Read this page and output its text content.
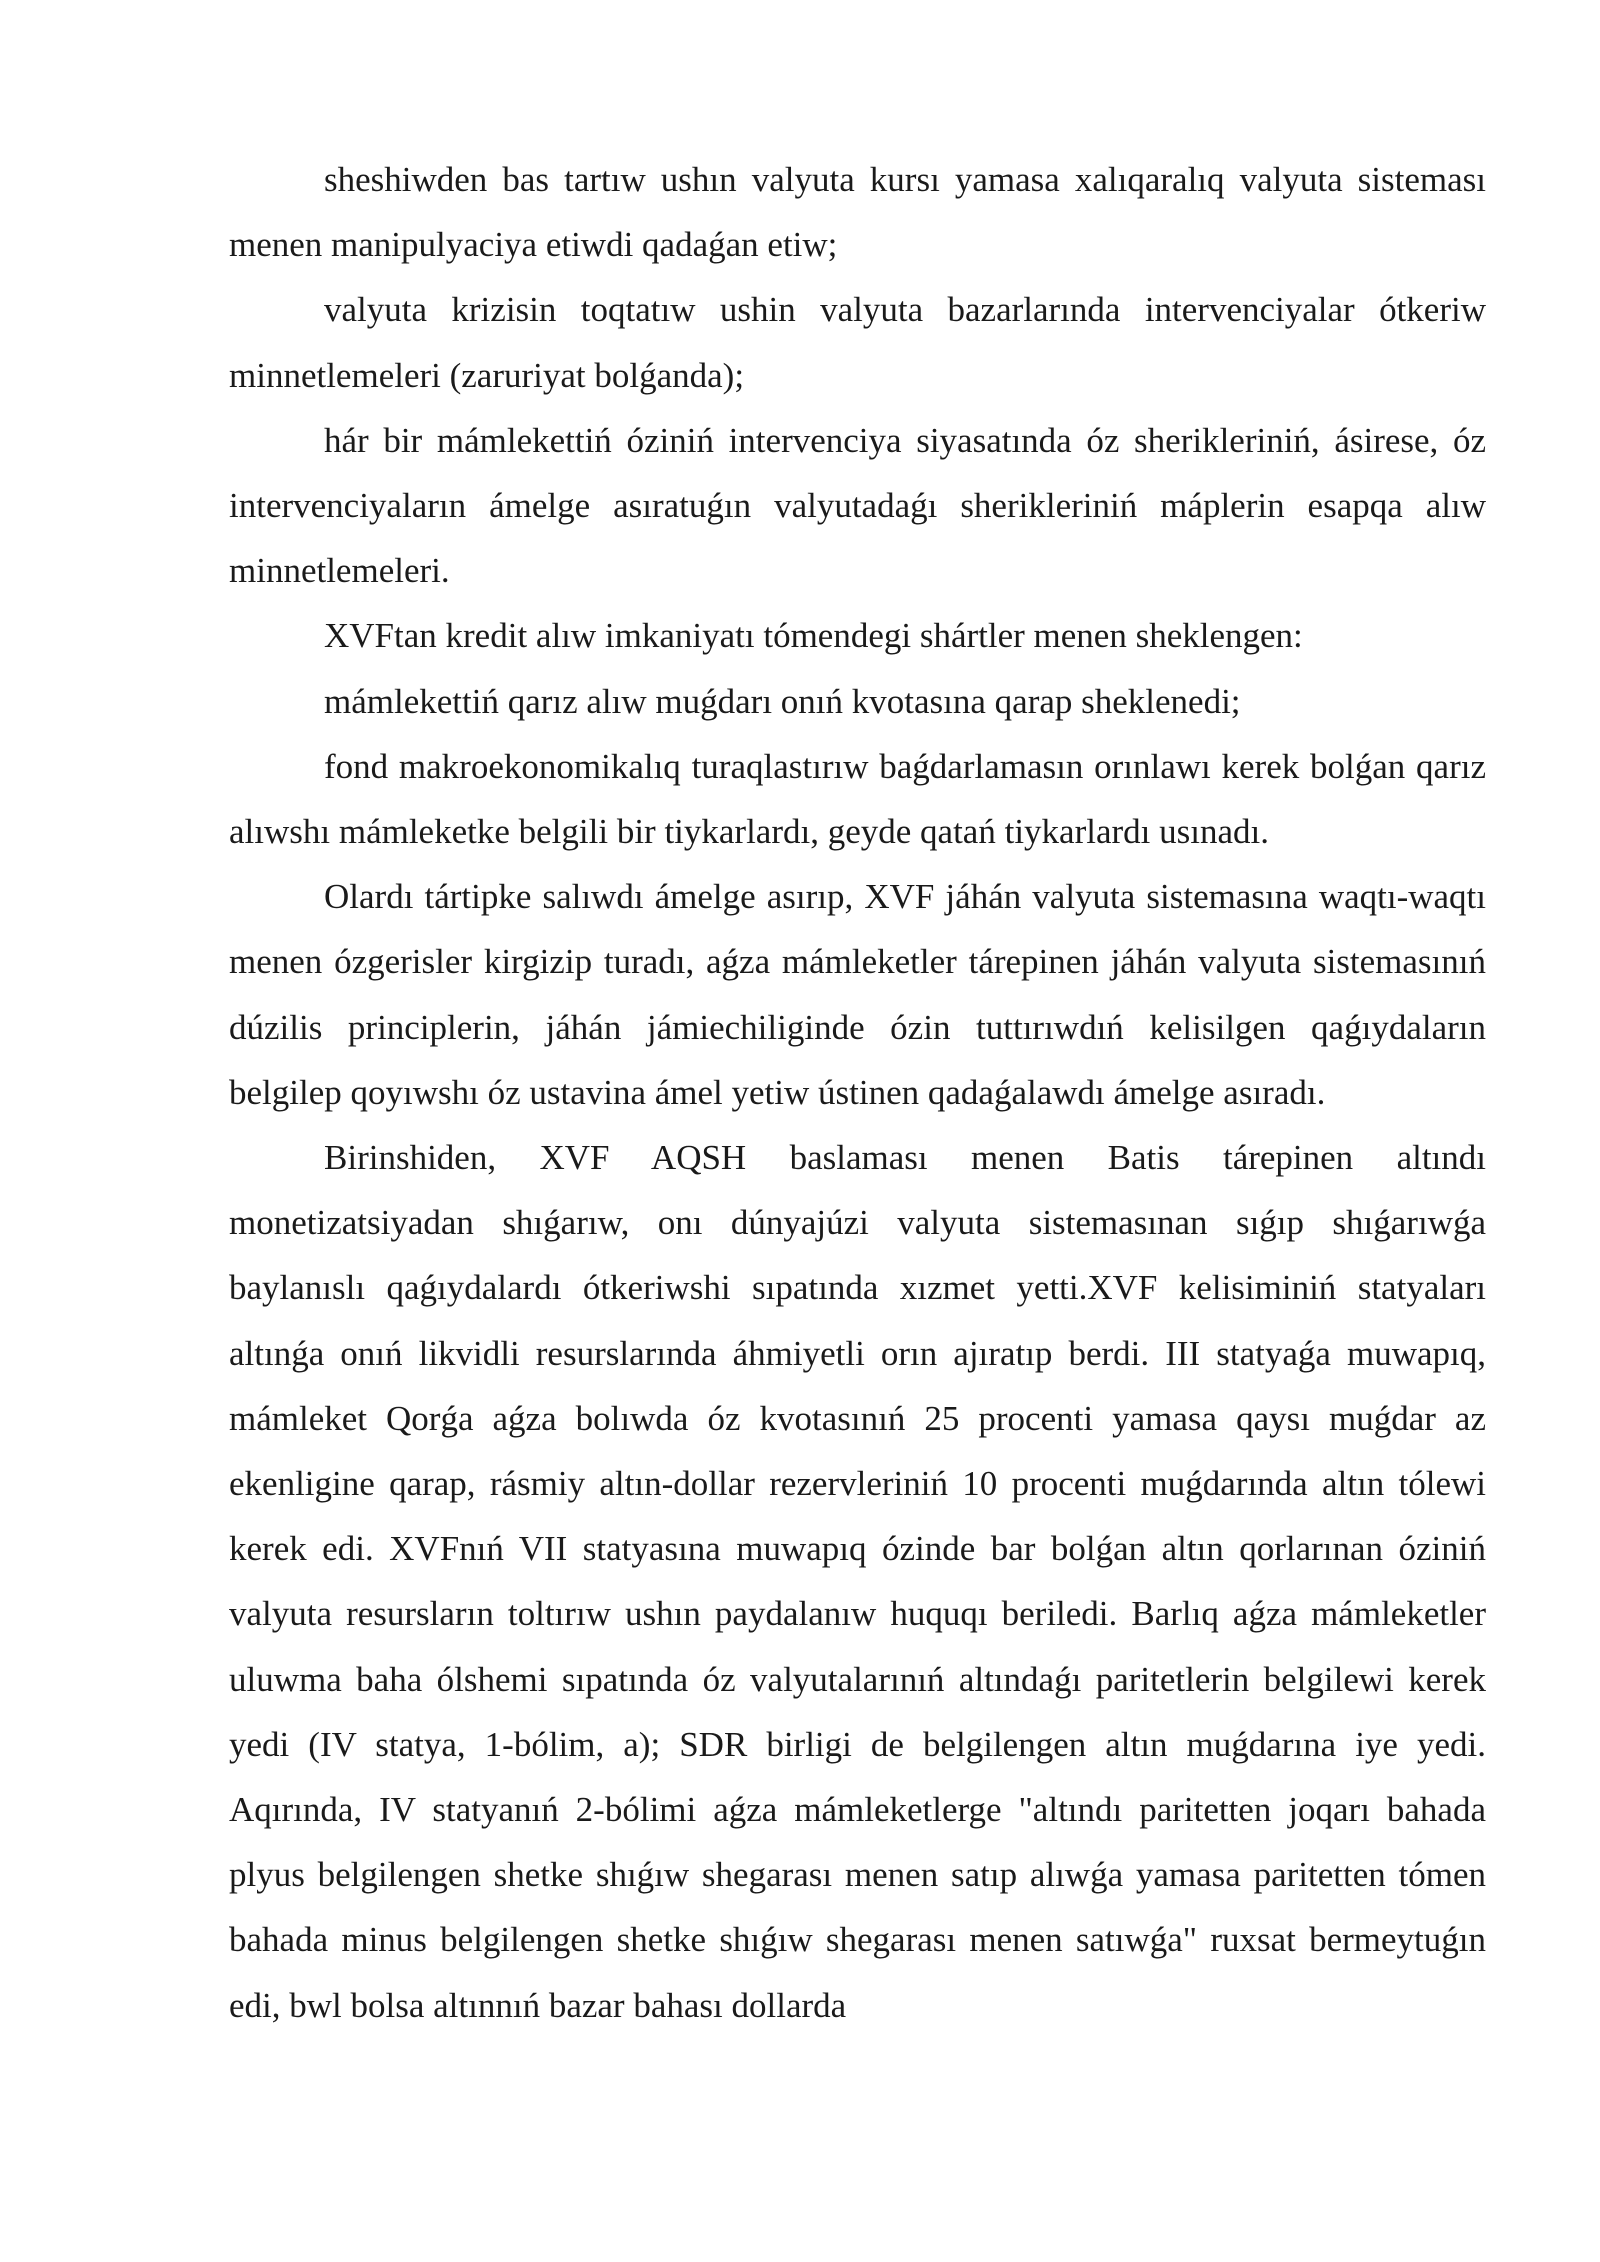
sheshiwden bas tartıw ushın valyuta kursı yamasa xalıqaralıq valyuta sisteması menen manipulyaciya etiwdi qadaǵan etiw;

valyuta krizisin toqtatıw ushin valyuta bazarlarında intervenciyalar ótkeriw minnetlemeleri (zaruriyat bolǵanda);

hár bir mámlekettiń óziniń intervenciya siyasatında óz sherikleriniń, ásirese, óz intervenciyaların ámelge asıratuǵın valyutadaǵı sherikleriniń máplerin esapqa alıw minnetlemeleri.

XVFtan kredit alıw imkaniyatı tómendegi shártler menen sheklengen:

mámlekettiń qarız alıw muǵdarı onıń kvotasına qarap sheklenedi;

fond makroekonomikalıq turaqlastırıw baǵdarlamasın orınlawı kerek bolǵan qarız alıwshı mámleketke belgili bir tiykarlardı, geyde qatań tiykarlardı usınadı.

Olardı tártipke salıwdı ámelge asırıp, XVF jáhán valyuta sistemasına waqtı-waqtı menen ózgerisler kirgizip turadı, aǵza mámleketler tárepinen jáhán valyuta sistemasınıń dúzilis principlerin, jáhán jámiechiliginde ózin tuttırıwdıń kelisilgen qaǵıydaların belgilep qoyıwshı óz ustavina ámel yetiw ústinen qadaǵalawdı ámelge asıradı.

Birinshiden, XVF AQSH baslaması menen Batis tárepinen altındı monetizatsiyadan shıǵarıw, onı dúnyajúzi valyuta sistemasınan sıǵıp shıǵarıwǵa baylanıslı qaǵıydalardı ótkeriwshi sıpatında xızmet yetti.XVF kelisiminiń statyaları altınǵa onıń likvidli resurslarında áhmiyetli orın ajıratıp berdi. III statyaǵa muwapıq, mámleket Qorǵa aǵza bolıwda óz kvotasınıń 25 procenti yamasa qaysı muǵdar az ekenligine qarap, rásmiy altın-dollar rezervleriniń 10 procenti muǵdarında altın tólewi kerek edi. XVFnıń VII statyasına muwapıq ózinde bar bolǵan altın qorlarınan óziniń valyuta resursların toltırıw ushın paydalanıw huquqı beriledi. Barlıq aǵza mámleketler uluwma baha ólshemi sıpatında óz valyutalarınıń altındaǵı paritetlerin belgilewi kerek yedi (IV statya, 1-bólim, a); SDR birligi de belgilengen altın muǵdarına iye yedi. Aqırında, IV statyanıń 2-bólimi aǵza mámleketlerge "altındı paritetten joqarı bahada plyus belgilengen shetke shıǵıw shegarası menen satıp alıwǵa yamasa paritetten tómen bahada minus belgilengen shetke shıǵıw shegarası menen satıwǵa" ruxsat bermeytuǵın edi, bwl bolsa altınnıń bazar bahası dollarda
